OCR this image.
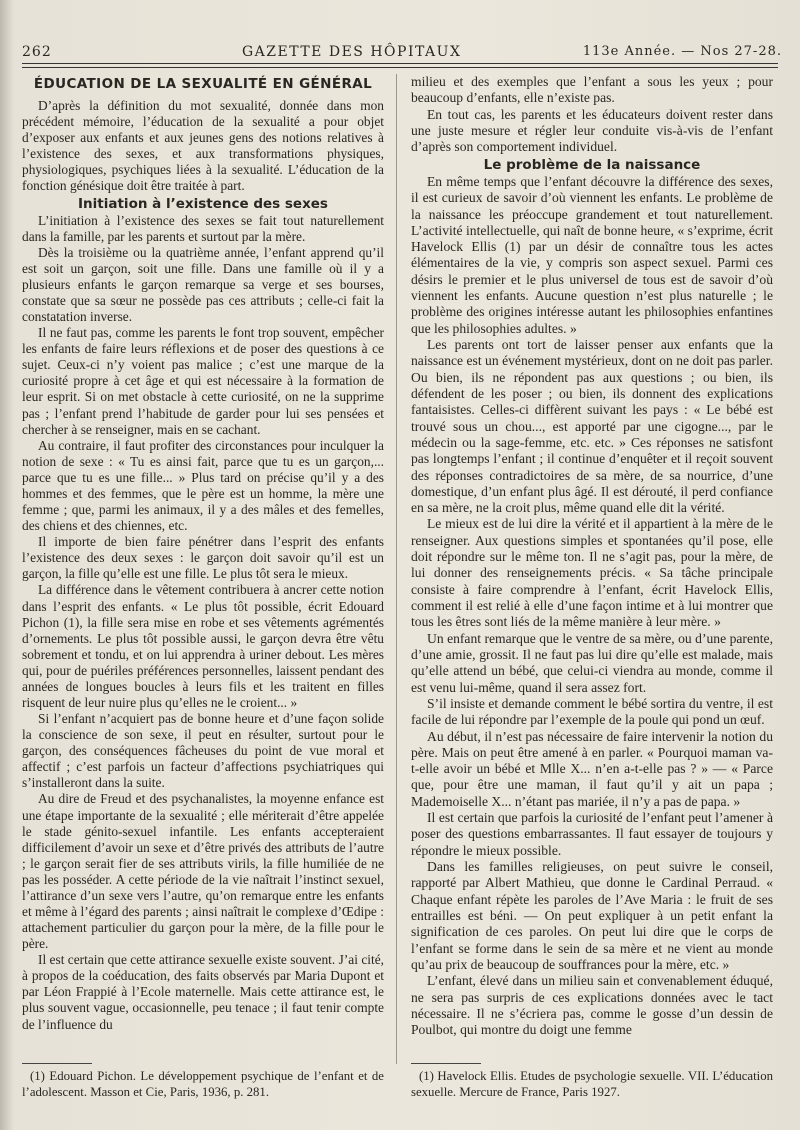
262	GAZETTE DES HÔPITAUX	113e Année. — Nos 27-28.
ÉDUCATION DE LA SEXUALITÉ EN GÉNÉRAL

D’après la définition du mot sexualité, donnée dans mon précédent mémoire, l’éducation de la sexualité a pour objet d’exposer aux enfants et aux jeunes gens des notions relatives à l’existence des sexes, et aux transformations physiques, physiologiques, psychiques liées à la sexualité. L’éducation de la fonction génésique doit être traitée à part.

Initiation à l’existence des sexes

L’initiation à l’existence des sexes se fait tout naturellement dans la famille, par les parents et surtout par la mère.

Dès la troisième ou la quatrième année, l’enfant apprend qu’il est soit un garçon, soit une fille. Dans une famille où il y a plusieurs enfants le garçon remarque sa verge et ses bourses, constate que sa sœur ne possède pas ces attributs ; celle-ci fait la constatation inverse.

Il ne faut pas, comme les parents le font trop souvent, empêcher les enfants de faire leurs réflexions et de poser des questions à ce sujet. Ceux-ci n’y voient pas malice ; c’est une marque de la curiosité propre à cet âge et qui est nécessaire à la formation de leur esprit. Si on met obstacle à cette curiosité, on ne la supprime pas ; l’enfant prend l’habitude de garder pour lui ses pensées et chercher à se renseigner, mais en se cachant.

Au contraire, il faut profiter des circonstances pour inculquer la notion de sexe : « Tu es ainsi fait, parce que tu es un garçon,... parce que tu es une fille... » Plus tard on précise qu’il y a des hommes et des femmes, que le père est un homme, la mère une femme ; que, parmi les animaux, il y a des mâles et des femelles, des chiens et des chiennes, etc.

Il importe de bien faire pénétrer dans l’esprit des enfants l’existence des deux sexes : le garçon doit savoir qu’il est un garçon, la fille qu’elle est une fille. Le plus tôt sera le mieux.

La différence dans le vêtement contribuera à ancrer cette notion dans l’esprit des enfants. « Le plus tôt possible, écrit Edouard Pichon (1), la fille sera mise en robe et ses vêtements agrémentés d’ornements. Le plus tôt possible aussi, le garçon devra être vêtu sobrement et tondu, et on lui apprendra à uriner debout. Les mères qui, pour de puériles préférences personnelles, laissent pendant des années de longues boucles à leurs fils et les traitent en filles risquent de leur nuire plus qu’elles ne le croient... »

Si l’enfant n’acquiert pas de bonne heure et d’une façon solide la conscience de son sexe, il peut en résulter, surtout pour le garçon, des conséquences fâcheuses du point de vue moral et affectif ; c’est parfois un facteur d’affections psychiatriques qui s’installeront dans la suite.

Au dire de Freud et des psychanalistes, la moyenne enfance est une étape importante de la sexualité ; elle mériterait d’être appelée le stade génito-sexuel infantile. Les enfants accepteraient difficilement d’avoir un sexe et d’être privés des attributs de l’autre ; le garçon serait fier de ses attributs virils, la fille humiliée de ne pas les posséder. A cette période de la vie naîtrait l’instinct sexuel, l’attirance d’un sexe vers l’autre, qu’on remarque entre les enfants et même à l’égard des parents ; ainsi naîtrait le complexe d’Œdipe : attachement particulier du garçon pour la mère, de la fille pour le père.

Il est certain que cette attirance sexuelle existe souvent. J’ai cité, à propos de la coéducation, des faits observés par Maria Dupont et par Léon Frappié à l’Ecole maternelle. Mais cette attirance est, le plus souvent vague, occasionnelle, peu tenace ; il faut tenir compte de l’influence du

milieu et des exemples que l’enfant a sous les yeux ; pour beaucoup d’enfants, elle n’existe pas.

En tout cas, les parents et les éducateurs doivent rester dans une juste mesure et régler leur conduite vis-à-vis de l’enfant d’après son comportement individuel.

Le problème de la naissance

En même temps que l’enfant découvre la différence des sexes, il est curieux de savoir d’où viennent les enfants. Le problème de la naissance les préoccupe grandement et tout naturellement. L’activité intellectuelle, qui naît de bonne heure, « s’exprime, écrit Havelock Ellis (1) par un désir de connaître tous les actes élémentaires de la vie, y compris son aspect sexuel. Parmi ces désirs le premier et le plus universel de tous est de savoir d’où viennent les enfants. Aucune question n’est plus naturelle ; le problème des origines intéresse autant les philosophies enfantines que les philosophies adultes. »

Les parents ont tort de laisser penser aux enfants que la naissance est un événement mystérieux, dont on ne doit pas parler. Ou bien, ils ne répondent pas aux questions ; ou bien, ils défendent de les poser ; ou bien, ils donnent des explications fantaisistes. Celles-ci diffèrent suivant les pays : « Le bébé est trouvé sous un chou..., est apporté par une cigogne..., par le médecin ou la sage-femme, etc. etc. » Ces réponses ne satisfont pas longtemps l’enfant ; il continue d’enquêter et il reçoit souvent des réponses contradictoires de sa mère, de sa nourrice, d’une domestique, d’un enfant plus âgé. Il est dérouté, il perd confiance en sa mère, ne la croit plus, même quand elle dit la vérité.

Le mieux est de lui dire la vérité et il appartient à la mère de le renseigner. Aux questions simples et spontanées qu’il pose, elle doit répondre sur le même ton. Il ne s’agit pas, pour la mère, de lui donner des renseignements précis. « Sa tâche principale consiste à faire comprendre à l’enfant, écrit Havelock Ellis, comment il est relié à elle d’une façon intime et à lui montrer que tous les êtres sont liés de la même manière à leur mère. »

Un enfant remarque que le ventre de sa mère, ou d’une parente, d’une amie, grossit. Il ne faut pas lui dire qu’elle est malade, mais qu’elle attend un bébé, que celui-ci viendra au monde, comme il est venu lui-même, quand il sera assez fort.

S’il insiste et demande comment le bébé sortira du ventre, il est facile de lui répondre par l’exemple de la poule qui pond un œuf.

Au début, il n’est pas nécessaire de faire intervenir la notion du père. Mais on peut être amené à en parler. « Pourquoi maman va-t-elle avoir un bébé et Mlle X... n’en a-t-elle pas ? » — « Parce que, pour être une maman, il faut qu’il y ait un papa ; Mademoiselle X... n’étant pas mariée, il n’y a pas de papa. »

Il est certain que parfois la curiosité de l’enfant peut l’amener à poser des questions embarrassantes. Il faut essayer de toujours y répondre le mieux possible.

Dans les familles religieuses, on peut suivre le conseil, rapporté par Albert Mathieu, que donne le Cardinal Perraud. « Chaque enfant répète les paroles de l’Ave Maria : le fruit de ses entrailles est béni. — On peut expliquer à un petit enfant la signification de ces paroles. On peut lui dire que le corps de l’enfant se forme dans le sein de sa mère et ne vient au monde qu’au prix de beaucoup de souffrances pour la mère, etc. »

L’enfant, élevé dans un milieu sain et convenablement éduqué, ne sera pas surpris de ces explications données avec le tact nécessaire. Il ne s’écriera pas, comme le gosse d’un dessin de Poulbot, qui montre du doigt une femme

(1) Edouard Pichon. Le développement psychique de l’enfant et de l’adolescent. Masson et Cie, Paris, 1936, p. 281.
(1) Havelock Ellis. Etudes de psychologie sexuelle. VII. L’éducation sexuelle. Mercure de France, Paris 1927.
